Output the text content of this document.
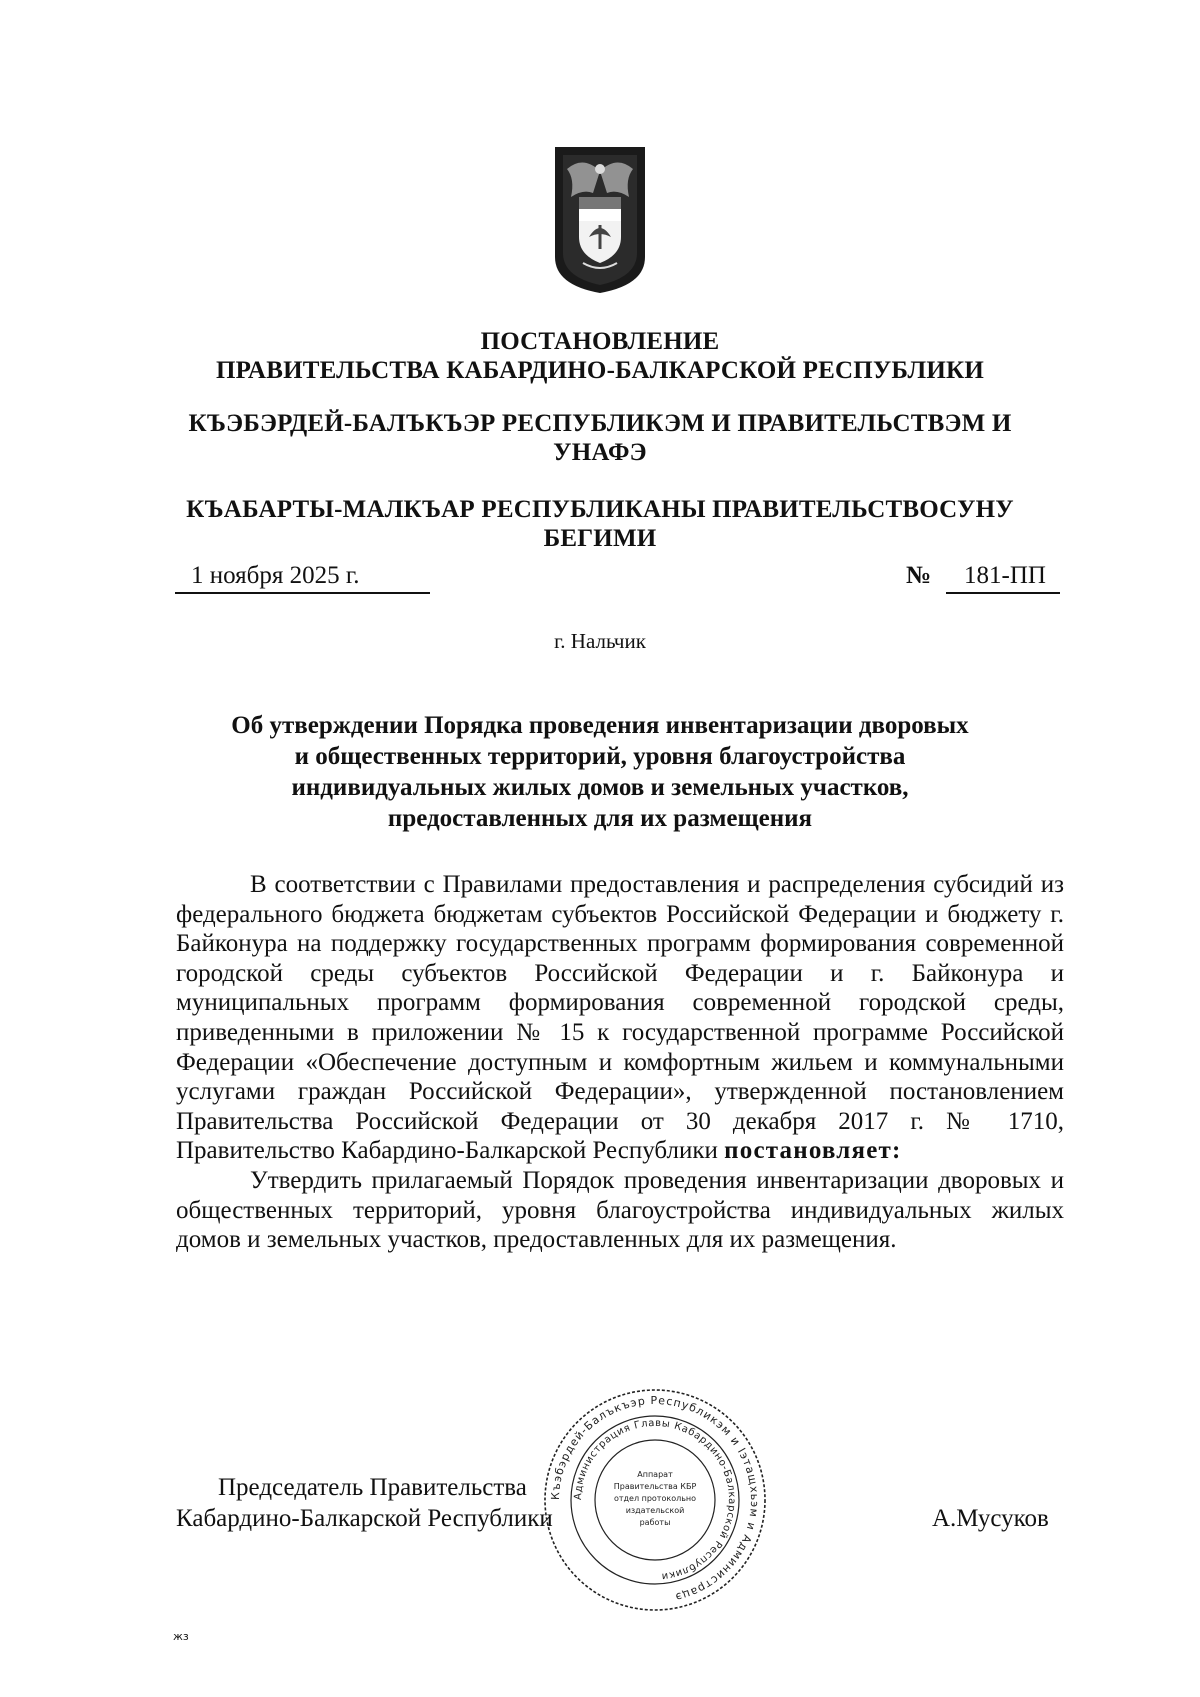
ПОСТАНОВЛЕНИЕ
ПРАВИТЕЛЬСТВА КАБАРДИНО-БАЛКАРСКОЙ РЕСПУБЛИКИ
КЪЭБЭРДЕЙ-БАЛЪКЪЭР РЕСПУБЛИКЭМ И ПРАВИТЕЛЬСТВЭМ И
УНАФЭ
КЪАБАРТЫ-МАЛКЪАР РЕСПУБЛИКАНЫ ПРАВИТЕЛЬСТВОСУНУ
БЕГИМИ
1 ноября 2025 г.	№	181-ПП
г. Нальчик
Об утверждении Порядка проведения инвентаризации дворовых
и общественных территорий, уровня благоустройства
индивидуальных жилых домов и земельных участков,
предоставленных для их размещения

В соответствии с Правилами предоставления и распределения субсидий из федерального бюджета бюджетам субъектов Российской Федерации и бюджету г. Байконура на поддержку государственных программ формирования современной городской среды субъектов Российской Федерации и г. Байконура и муниципальных программ формирования современной городской среды, приведенными в приложении № 15 к государственной программе Российской Федерации «Обеспечение доступным и комфортным жильем и коммунальными услугами граждан Российской Федерации», утвержденной постановлением Правительства Российской Федерации от 30 декабря 2017 г. № 1710, Правительство Кабардино-Балкарской Республики постановляет:

Утвердить прилагаемый Порядок проведения инвентаризации дворовых и общественных территорий, уровня благоустройства индивидуальных жилых домов и земельных участков, предоставленных для их размещения.

Председатель Правительства
Кабардино-Балкарской Республики	А.Мусуков
Къэбэрдей-Балъкъэр Республикэм и Iэтащхьэм и Администрацэ
Администрация Главы Кабардино-Балкарской Республики
Аппарат
Правительства КБР
отдел протокольно
издательской
работы
жз
